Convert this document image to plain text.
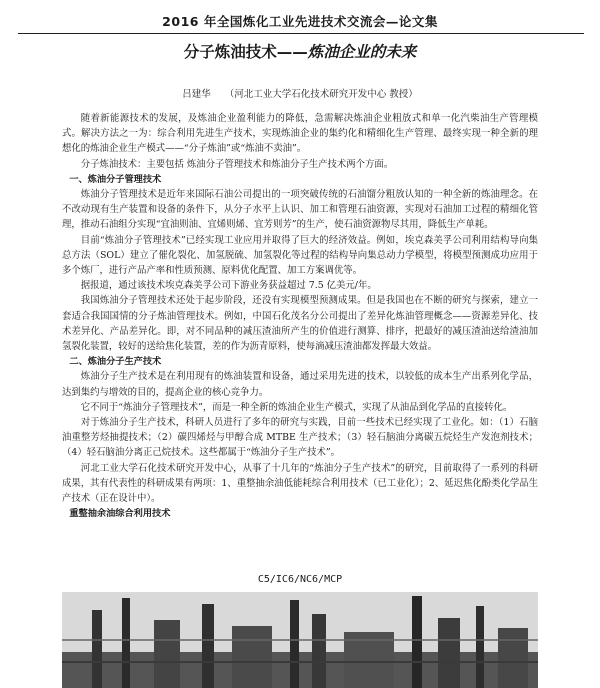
2016 年全国炼化工业先进技术交流会—论文集
分子炼油技术——炼油企业的未来
吕建华 （河北工业大学石化技术研究开发中心 教授）

随着新能源技术的发展，及炼油企业盈利能力的降低，急需解决炼油企业粗放式和单一化汽柴油生产管理模式。解决方法之一为：综合利用先进生产技术，实现炼油企业的集约化和精细化生产管理、最终实现一种全新的理想化的炼油企业生产模式——“分子炼油”或“炼油不卖油”。

分子炼油技术：主要包括 炼油分子管理技术和炼油分子生产技术两个方面。

一、炼油分子管理技术

炼油分子管理技术是近年来国际石油公司提出的一项突破传统的石油馏分粗放认知的一种全新的炼油理念。在不改动现有生产装置和设备的条件下，从分子水平上认识、加工和管理石油资源，实现对石油加工过程的精细化管理，推动石油组分实现“宜油则油、宜烯则烯、宜芳则芳”的生产，使石油资源物尽其用，降低生产单耗。

目前“炼油分子管理技术”已经实现工业应用并取得了巨大的经济效益。例如，埃克森美孚公司利用结构导向集总方法（SOL）建立了催化裂化、加氢脱硫、加氢裂化等过程的结构导向集总动力学模型，将模型预测成功应用于多个炼厂，进行产品产率和性质预测、原料优化配置、加工方案调优等。

据报道，通过该技术埃克森美孚公司下游业务获益超过 7.5 亿美元/年。

我国炼油分子管理技术还处于起步阶段，还没有实现模型预测成果。但是我国也在不断的研究与探索，建立一套适合我国国情的分子炼油管理技术。例如，中国石化茂名分公司提出了差异化炼油管理概念——资源差异化、技术差异化、产品差异化。即，对不同品种的减压渣油所产生的价值进行测算、排序，把最好的减压渣油送给渣油加氢裂化装置，较好的送给焦化装置，差的作为沥青原料，使每滴减压渣油都发挥最大效益。

二、炼油分子生产技术

炼油分子生产技术是在利用现有的炼油装置和设备，通过采用先进的技术，以较低的成本生产出系列化学品，达到集约与增效的目的，提高企业的核心竞争力。

它不同于“炼油分子管理技术”，而是一种全新的炼油企业生产模式，实现了从油品到化学品的直接转化。

对于炼油分子生产技术，科研人员进行了多年的研究与实践，目前一些技术已经实现了工业化。如：（1）石脑油重整芳烃抽提技术；（2）碳四烯烃与甲醇合成 MTBE 生产技术；（3）轻石脑油分离碳五烷烃生产发泡剂技术；（4）轻石脑油分离正己烷技术。这些都属于“炼油分子生产技术”。

河北工业大学石化技术研究开发中心，从事了十几年的“炼油分子生产技术”的研究，目前取得了一系列的科研成果，其有代表性的科研成果有两项：1、重整抽余油低能耗综合利用技术（已工业化）；2、延迟焦化酚类化学品生产技术（正在设计中）。

重整抽余油综合利用技术

C5/IC6/NC6/MCP
